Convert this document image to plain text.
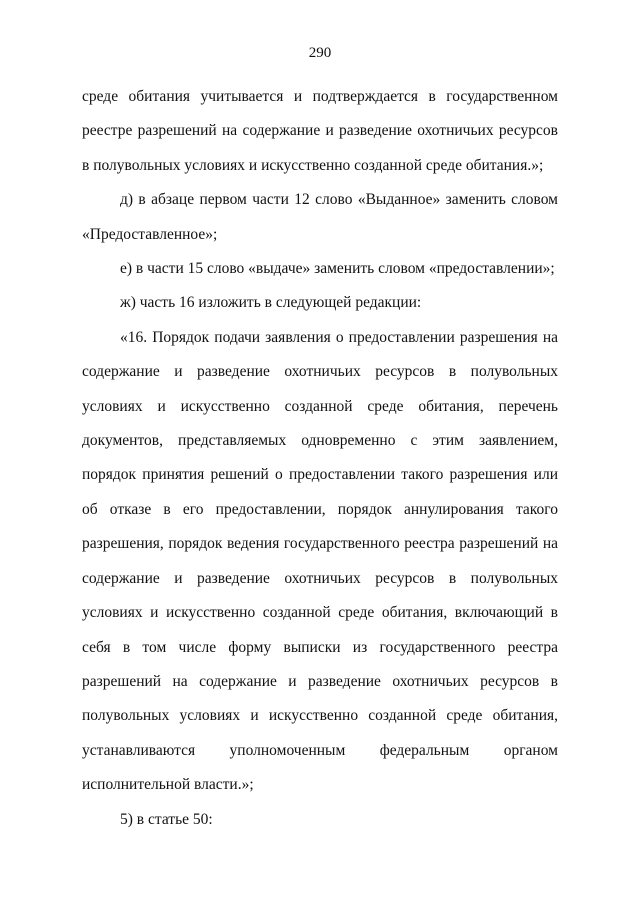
290

среде обитания учитывается и подтверждается в государственном реестре разрешений на содержание и разведение охотничьих ресурсов в полувольных условиях и искусственно созданной среде обитания.»;

д) в абзаце первом части 12 слово «Выданное» заменить словом «Предоставленное»;

е) в части 15 слово «выдаче» заменить словом «предоставлении»;

ж) часть 16 изложить в следующей редакции:

«16. Порядок подачи заявления о предоставлении разрешения на содержание и разведение охотничьих ресурсов в полувольных условиях и искусственно созданной среде обитания, перечень документов, представляемых одновременно с этим заявлением, порядок принятия решений о предоставлении такого разрешения или об отказе в его предоставлении, порядок аннулирования такого разрешения, порядок ведения государственного реестра разрешений на содержание и разведение охотничьих ресурсов в полувольных условиях и искусственно созданной среде обитания, включающий в себя в том числе форму выписки из государственного реестра разрешений на содержание и разведение охотничьих ресурсов в полувольных условиях и искусственно созданной среде обитания, устанавливаются уполномоченным федеральным органом исполнительной власти.»;

5) в статье 50:
